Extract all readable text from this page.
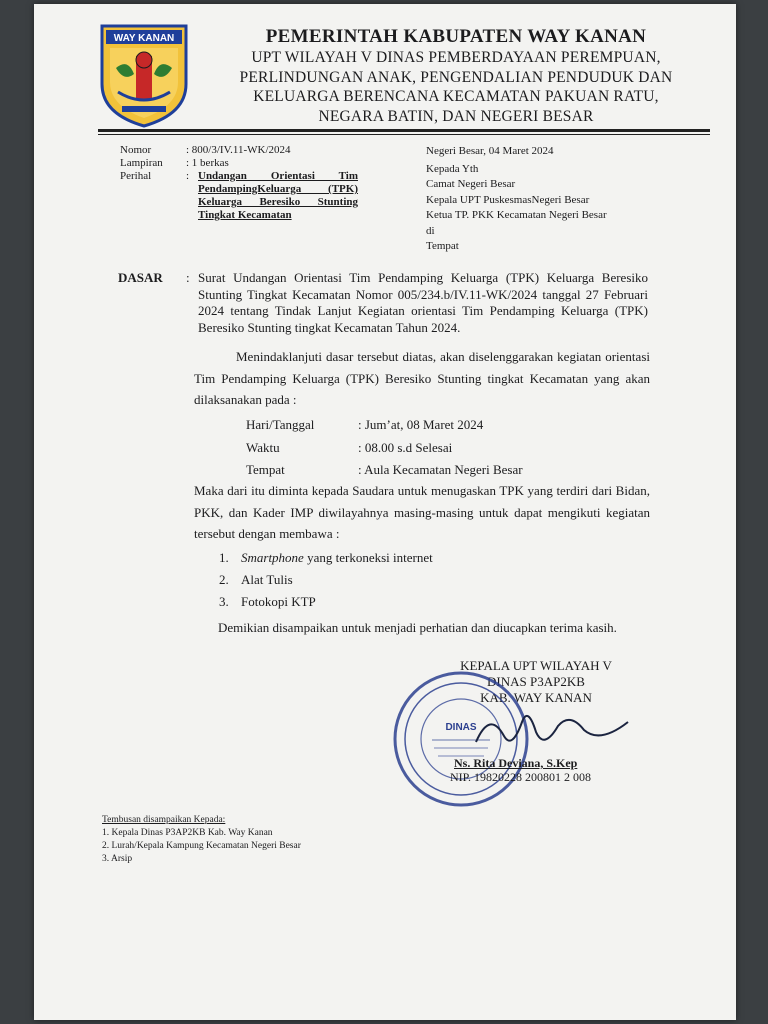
WAY KANAN	PEMERINTAH KABUPATEN WAY KANAN
UPT WILAYAH V DINAS PEMBERDAYAAN PEREMPUAN,
PERLINDUNGAN ANAK, PENGENDALIAN PENDUDUK DAN
KELUARGA BERENCANA KECAMATAN PAKUAN RATU,
NEGARA BATIN, DAN NEGERI BESAR
Nomor	: 800/3/IV.11-WK/2024
Lampiran	: 1 berkas
Perihal	: Undangan Orientasi Tim PendampingKeluarga (TPK) Keluarga Beresiko Stunting Tingkat Kecamatan
Negeri Besar, 04 Maret 2024
Kepada Yth
Camat Negeri Besar
Kepala UPT PuskesmasNegeri Besar
Ketua TP. PKK Kecamatan Negeri Besar
di
Tempat
DASAR	: Surat Undangan Orientasi Tim Pendamping Keluarga (TPK) Keluarga Beresiko Stunting Tingkat Kecamatan Nomor 005/234.b/IV.11-WK/2024 tanggal 27 Februari 2024 tentang Tindak Lanjut Kegiatan orientasi Tim Pendamping Keluarga (TPK) Beresiko Stunting tingkat Kecamatan Tahun 2024.
Menindaklanjuti dasar tersebut diatas, akan diselenggarakan kegiatan orientasi Tim Pendamping Keluarga (TPK) Beresiko Stunting tingkat Kecamatan yang akan dilaksanakan pada :
Hari/Tanggal	: Jum’at, 08 Maret 2024
Waktu	: 08.00 s.d Selesai
Tempat	: Aula Kecamatan Negeri Besar
Maka dari itu diminta kepada Saudara untuk menugaskan TPK yang terdiri dari Bidan, PKK, dan Kader IMP diwilayahnya masing-masing untuk dapat mengikuti kegiatan tersebut dengan membawa :
1. Smartphone yang terkoneksi internet
2. Alat Tulis
3. Fotokopi KTP
Demikian disampaikan untuk menjadi perhatian dan diucapkan terima kasih.
KEPALA UPT WILAYAH V
DINAS P3AP2KB
KAB. WAY KANAN
DINAS
Ns. Rita Deviana, S.Kep
NIP. 19820228 200801 2 008
Tembusan disampaikan Kepada:
1. Kepala Dinas P3AP2KB Kab. Way Kanan
2. Lurah/Kepala Kampung Kecamatan Negeri Besar
3. Arsip
